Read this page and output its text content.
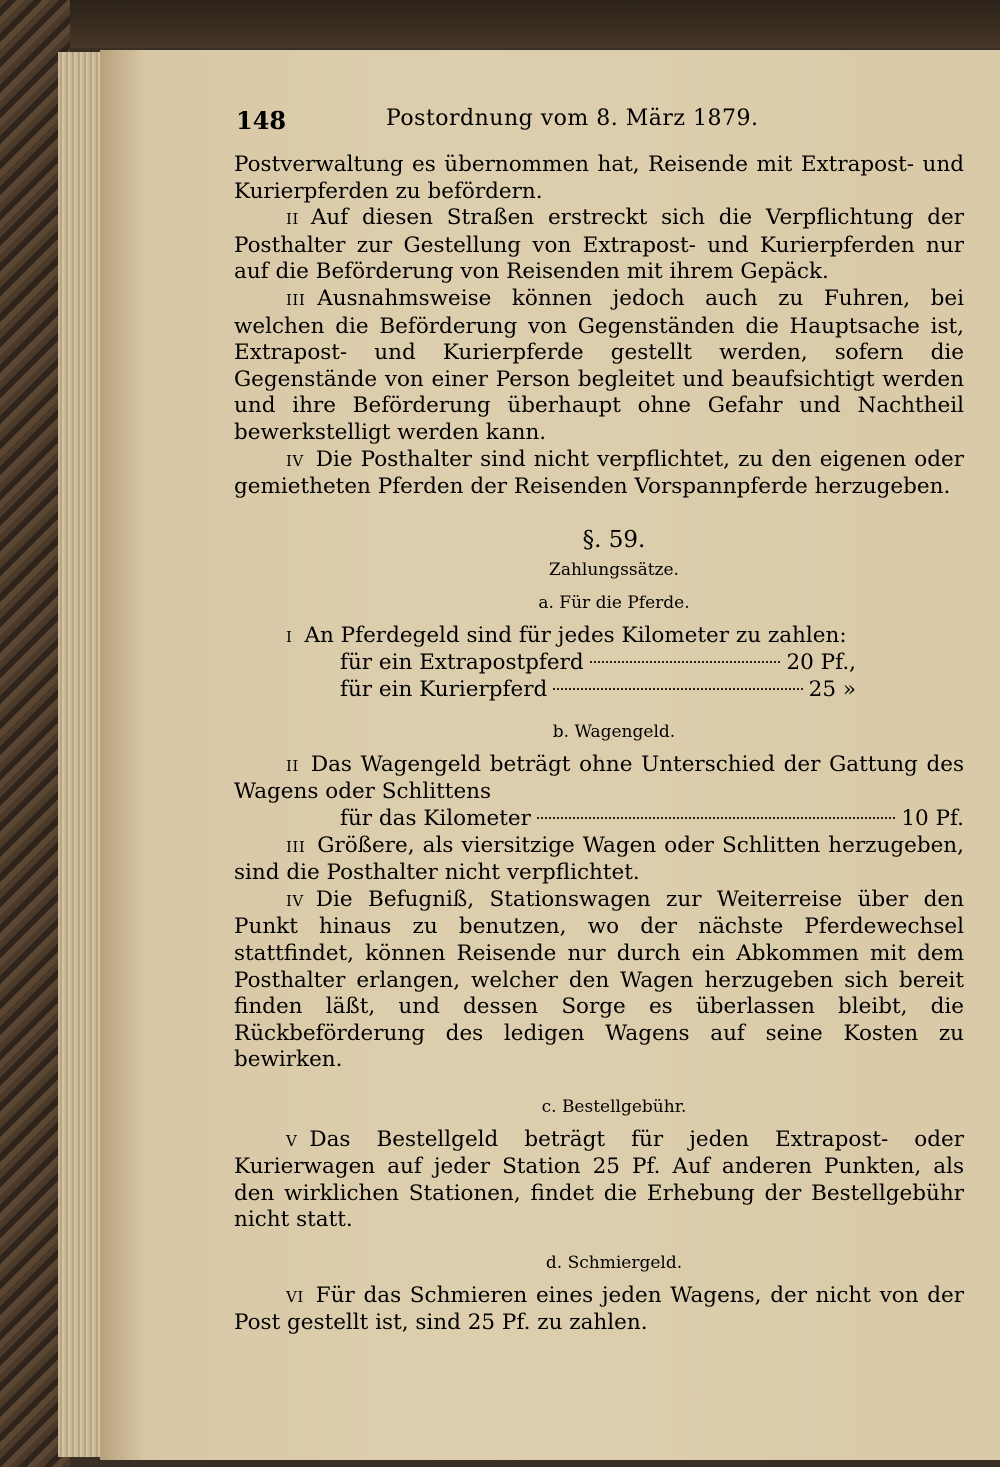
148	Postordnung vom 8. März 1879.

Postverwaltung es übernommen hat, Reisende mit Extrapost- und Kurierpferden zu befördern.

II Auf diesen Straßen erstreckt sich die Verpflichtung der Posthalter zur Gestellung von Extrapost- und Kurierpferden nur auf die Beförderung von Reisenden mit ihrem Gepäck.

III Ausnahmsweise können jedoch auch zu Fuhren, bei welchen die Beförderung von Gegenständen die Hauptsache ist, Extrapost- und Kurierpferde gestellt werden, sofern die Gegenstände von einer Person begleitet und beaufsichtigt werden und ihre Beförderung überhaupt ohne Gefahr und Nachtheil bewerkstelligt werden kann.

IV Die Posthalter sind nicht verpflichtet, zu den eigenen oder gemietheten Pferden der Reisenden Vorspannpferde herzugeben.

§. 59.
Zahlungssätze.
a. Für die Pferde.

I An Pferdegeld sind für jedes Kilometer zu zahlen:

für ein Extrapostpferd	20 Pf.,
für ein Kurierpferd	25 »
b. Wagengeld.

II Das Wagengeld beträgt ohne Unterschied der Gattung des Wagens oder Schlittens

für das Kilometer	10 Pf.

III Größere, als viersitzige Wagen oder Schlitten herzugeben, sind die Posthalter nicht verpflichtet.

IV Die Befugniß, Stationswagen zur Weiterreise über den Punkt hinaus zu benutzen, wo der nächste Pferdewechsel stattfindet, können Reisende nur durch ein Abkommen mit dem Posthalter erlangen, welcher den Wagen herzugeben sich bereit finden läßt, und dessen Sorge es überlassen bleibt, die Rückbeförderung des ledigen Wagens auf seine Kosten zu bewirken.

c. Bestellgebühr.

V Das Bestellgeld beträgt für jeden Extrapost- oder Kurierwagen auf jeder Station 25 Pf. Auf anderen Punkten, als den wirklichen Stationen, findet die Erhebung der Bestellgebühr nicht statt.

d. Schmiergeld.

VI Für das Schmieren eines jeden Wagens, der nicht von der Post gestellt ist, sind 25 Pf. zu zahlen.
